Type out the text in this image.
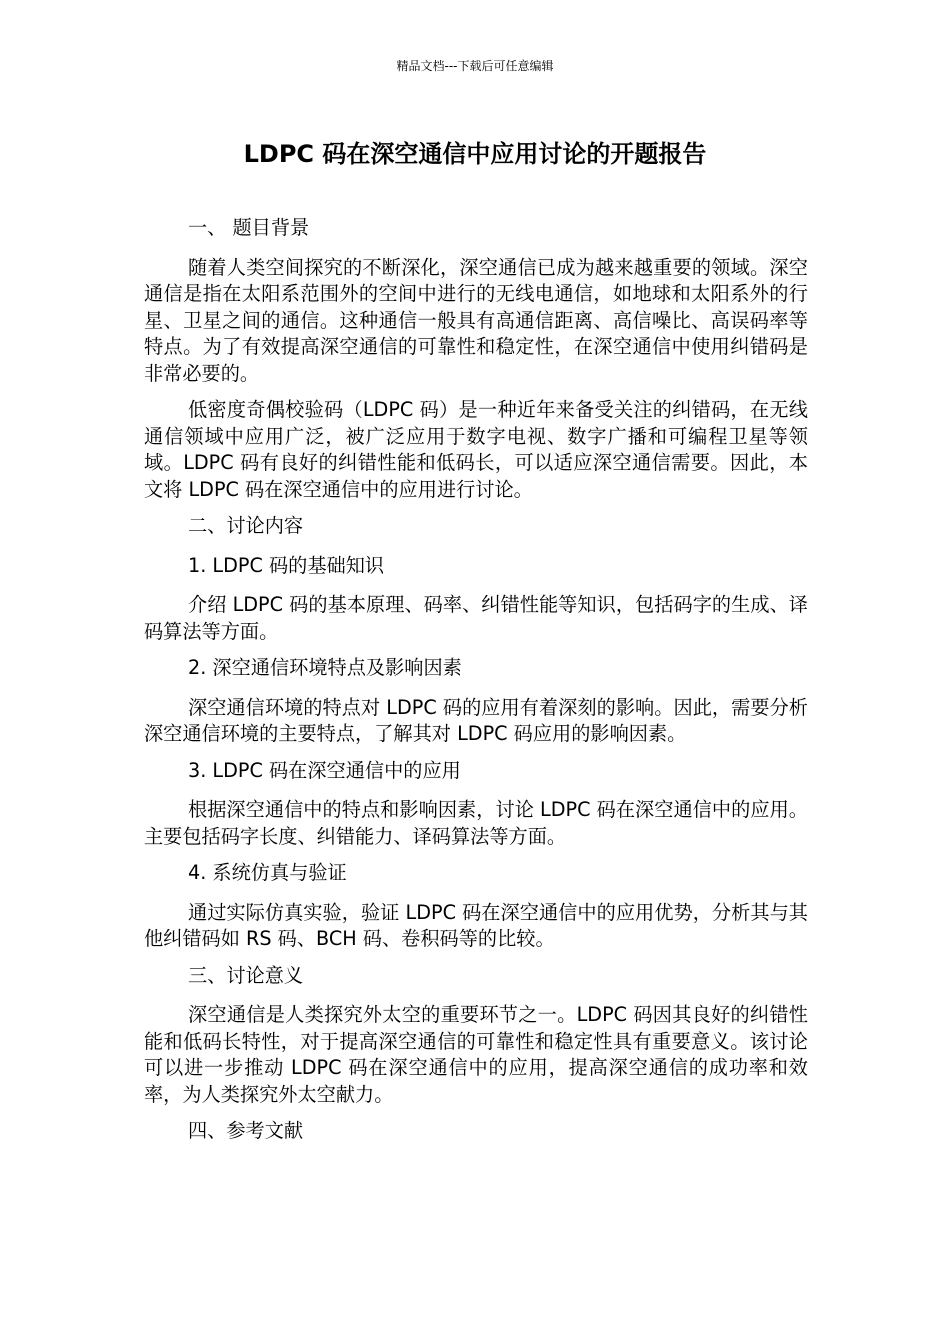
精品文档---下载后可任意编辑
LDPC 码在深空通信中应用讨论的开题报告

一、 题目背景

随着人类空间探究的不断深化，深空通信已成为越来越重要的领域。深空通信是指在太阳系范围外的空间中进行的无线电通信，如地球和太阳系外的行星、卫星之间的通信。这种通信一般具有高通信距离、高信噪比、高误码率等特点。为了有效提高深空通信的可靠性和稳定性，在深空通信中使用纠错码是非常必要的。

低密度奇偶校验码（LDPC 码）是一种近年来备受关注的纠错码，在无线通信领域中应用广泛，被广泛应用于数字电视、数字广播和可编程卫星等领域。LDPC 码有良好的纠错性能和低码长，可以适应深空通信需要。因此，本文将 LDPC 码在深空通信中的应用进行讨论。

二、讨论内容

1. LDPC 码的基础知识

介绍 LDPC 码的基本原理、码率、纠错性能等知识，包括码字的生成、译码算法等方面。

2. 深空通信环境特点及影响因素

深空通信环境的特点对 LDPC 码的应用有着深刻的影响。因此，需要分析深空通信环境的主要特点，了解其对 LDPC 码应用的影响因素。

3. LDPC 码在深空通信中的应用

根据深空通信中的特点和影响因素，讨论 LDPC 码在深空通信中的应用。主要包括码字长度、纠错能力、译码算法等方面。

4. 系统仿真与验证

通过实际仿真实验，验证 LDPC 码在深空通信中的应用优势，分析其与其他纠错码如 RS 码、BCH 码、卷积码等的比较。

三、讨论意义

深空通信是人类探究外太空的重要环节之一。LDPC 码因其良好的纠错性能和低码长特性，对于提高深空通信的可靠性和稳定性具有重要意义。该讨论可以进一步推动 LDPC 码在深空通信中的应用，提高深空通信的成功率和效率，为人类探究外太空献力。

四、参考文献
